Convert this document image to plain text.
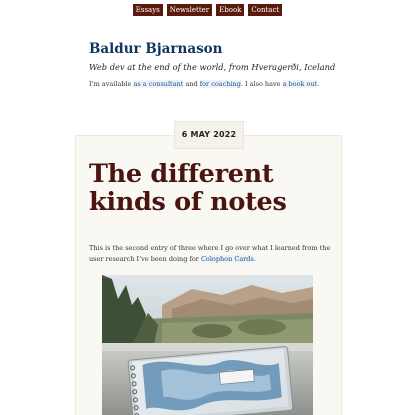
Essays Newsletter Ebook Contact
Baldur Bjarnason
Web dev at the end of the world, from Hveragerði, Iceland
I’m available as a consultant and for coaching. I also have a book out.
6 MAY 2022
The different kinds of notes

This is the second entry of three where I go over what I learned from the user research I’ve been doing for Colophon Cards.
